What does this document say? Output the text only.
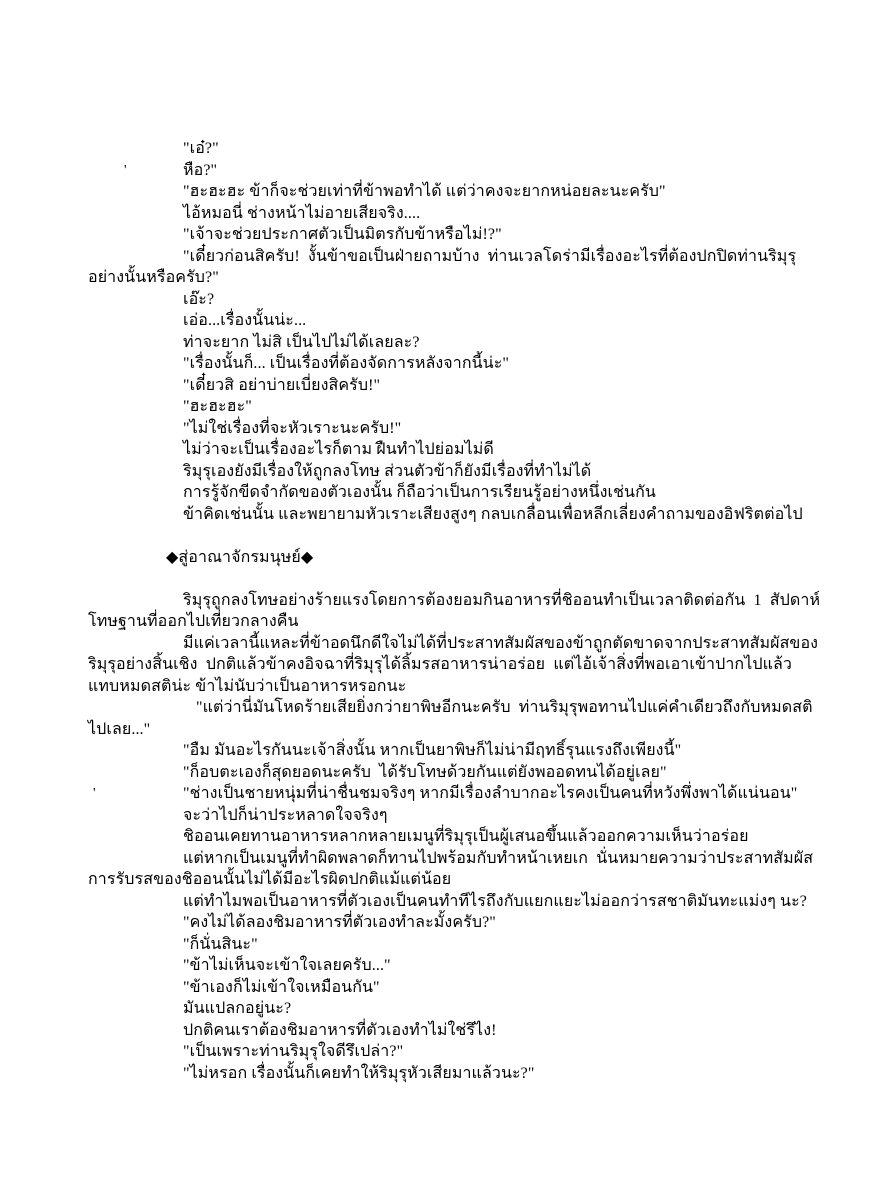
"เอ๋?"
หือ?"
'
"ฮะฮะฮะ ข้าก็จะช่วยเท่าที่ข้าพอทำได้ แต่ว่าคงจะยากหน่อยละนะครับ"
ไอ้หมอนี่ ช่างหน้าไม่อายเสียจริง....
"เจ้าจะช่วยประกาศตัวเป็นมิตรกับข้าหรือไม่!?"
"เดี๋ยวก่อนสิครับ!  งั้นข้าขอเป็นฝ่ายถามบ้าง  ท่านเวลโดร่ามีเรื่องอะไรที่ต้องปกปิดท่านริมุรุ
อย่างนั้นหรือครับ?"
เอ๊ะ?
เอ่อ...เรื่องนั้นน่ะ...
ท่าจะยาก ไม่สิ เป็นไปไม่ได้เลยละ?
"เรื่องนั้นก็... เป็นเรื่องที่ต้องจัดการหลังจากนี้น่ะ"
"เดี๋ยวสิ อย่าบ่ายเบี่ยงสิครับ!"
"ฮะฮะฮะ"
"ไม่ใช่เรื่องที่จะหัวเราะนะครับ!"
ไม่ว่าจะเป็นเรื่องอะไรก็ตาม ฝืนทำไปย่อมไม่ดี
ริมุรุเองยังมีเรื่องให้ถูกลงโทษ ส่วนตัวข้าก็ยังมีเรื่องที่ทำไม่ได้
การรู้จักขีดจำกัดของตัวเองนั้น ก็ถือว่าเป็นการเรียนรู้อย่างหนึ่งเช่นกัน
ข้าคิดเช่นนั้น และพยายามหัวเราะเสียงสูงๆ กลบเกลื่อนเพื่อหลีกเลี่ยงคำถามของอิฟริตต่อไป

◆สู่อาณาจักรมนุษย์◆

ริมุรุถูกลงโทษอย่างร้ายแรงโดยการต้องยอมกินอาหารที่ชิออนทำเป็นเวลาติดต่อกัน  1  สัปดาห์
โทษฐานที่ออกไปเที่ยวกลางคืน
มีแค่เวลานี้แหละที่ข้าอดนึกดีใจไม่ได้ที่ประสาทสัมผัสของข้าถูกตัดขาดจากประสาทสัมผัสของ
ริมุรุอย่างสิ้นเชิง  ปกติแล้วข้าคงอิจฉาที่ริมุรุได้ลิ้มรสอาหารน่าอร่อย  แต่ไอ้เจ้าสิ่งที่พอเอาเข้าปากไปแล้ว
แทบหมดสติน่ะ ข้าไม่นับว่าเป็นอาหารหรอกนะ
"แต่ว่านี่มันโหดร้ายเสียยิ่งกว่ายาพิษอีกนะครับ  ท่านริมุรุพอทานไปแค่คำเดียวถึงกับหมดสติ
ไปเลย..."
"อืม มันอะไรกันนะเจ้าสิ่งนั้น หากเป็นยาพิษก็ไม่น่ามีฤทธิ์รุนแรงถึงเพียงนี้"
"ก็อบตะเองก็สุดยอดนะครับ  ได้รับโทษด้วยกันแต่ยังพออดทนได้อยู่เลย"
"ช่างเป็นชายหนุ่มที่น่าชื่นชมจริงๆ หากมีเรื่องลำบากอะไรคงเป็นคนที่หวังพึ่งพาได้แน่นอน"
'
จะว่าไปก็น่าประหลาดใจจริงๆ
ชิออนเคยทานอาหารหลากหลายเมนูที่ริมุรุเป็นผู้เสนอขึ้นแล้วออกความเห็นว่าอร่อย
แต่หากเป็นเมนูที่ทำผิดพลาดก็ทานไปพร้อมกับทำหน้าเหยเก  นั่นหมายความว่าประสาทสัมผัส
การรับรสของชิออนนั้นไม่ได้มีอะไรผิดปกติแม้แต่น้อย
แต่ทำไมพอเป็นอาหารที่ตัวเองเป็นคนทำทีไรถึงกับแยกแยะไม่ออกว่ารสชาติมันทะแม่งๆ นะ?
"คงไม่ได้ลองชิมอาหารที่ตัวเองทำละมั้งครับ?"
"ก็นั่นสินะ"
"ข้าไม่เห็นจะเข้าใจเลยครับ..."
"ข้าเองก็ไม่เข้าใจเหมือนกัน"
มันแปลกอยู่นะ?
ปกติคนเราต้องชิมอาหารที่ตัวเองทำไม่ใช่รึไง!
"เป็นเพราะท่านริมุรุใจดีรึเปล่า?"
"ไม่หรอก เรื่องนั้นก็เคยทำให้ริมุรุหัวเสียมาแล้วนะ?"
